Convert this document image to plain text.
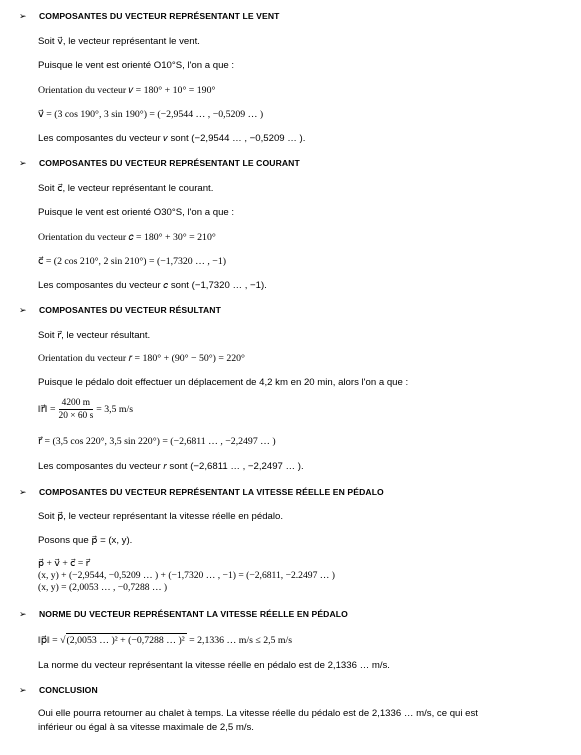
➢ COMPOSANTES DU VECTEUR REPRÉSENTANT LE VENT
Soit v⃗, le vecteur représentant le vent.
Puisque le vent est orienté O10°S, l'on a que :
Orientation du vecteur 𝑣 = 180° + 10° = 190°
v⃗ = (3 cos 190°, 3 sin 190°) = (−2,9544 … , −0,5209 … )
Les composantes du vecteur 𝑣 sont (−2,9544 … , −0,5209 … ).
➢ COMPOSANTES DU VECTEUR REPRÉSENTANT LE COURANT
Soit c⃗, le vecteur représentant le courant.
Puisque le vent est orienté O30°S, l'on a que :
Orientation du vecteur 𝑐 = 180° + 30° = 210°
c⃗ = (2 cos 210°, 2 sin 210°) = (−1,7320 … , −1)
Les composantes du vecteur 𝑐 sont (−1,7320 … , −1).
➢ COMPOSANTES DU VECTEUR RÉSULTANT
Soit r⃗, le vecteur résultant.
Orientation du vecteur 𝑟 = 180° + (90° − 50°) = 220°
Puisque le pédalo doit effectuer un déplacement de 4,2 km en 20 min, alors l'on a que :
‖r⃗‖ = $\frac{4200 m}{20 \times 60 s} = 3,5$ m/s
r⃗ = (3,5 cos 220°, 3,5 sin 220°) = (−2,6811 … , −2,2497 … )
Les composantes du vecteur 𝑟 sont (−2,6811 … , −2,2497 … ).
➢ COMPOSANTES DU VECTEUR REPRÉSENTANT LA VITESSE RÉELLE EN PÉDALO
Soit p⃗, le vecteur représentant la vitesse réelle en pédalo.
Posons que p⃗ = (x, y).
p⃗ + v⃗ + c⃗ = r⃗
(x, y) + (−2,9544, −0,5209 … ) + (−1,7320 … , −1) = (−2,6811, −2.2497 … )
(x, y) = (2,0053 … , −0,7288 … )
➢ NORME DU VECTEUR REPRÉSENTANT LA VITESSE RÉELLE EN PÉDALO
‖p⃗‖ = √(2,0053 … )² + (−0,7288 … )² = 2,1336 … m/s ≤ 2,5 m/s
La norme du vecteur représentant la vitesse réelle en pédalo est de 2,1336 … m/s.
➢ CONCLUSION
Oui elle pourra retourner au chalet à temps. La vitesse réelle du pédalo est de 2,1336 … m/s, ce qui est
inférieur ou égal à sa vitesse maximale de 2,5 m/s.
